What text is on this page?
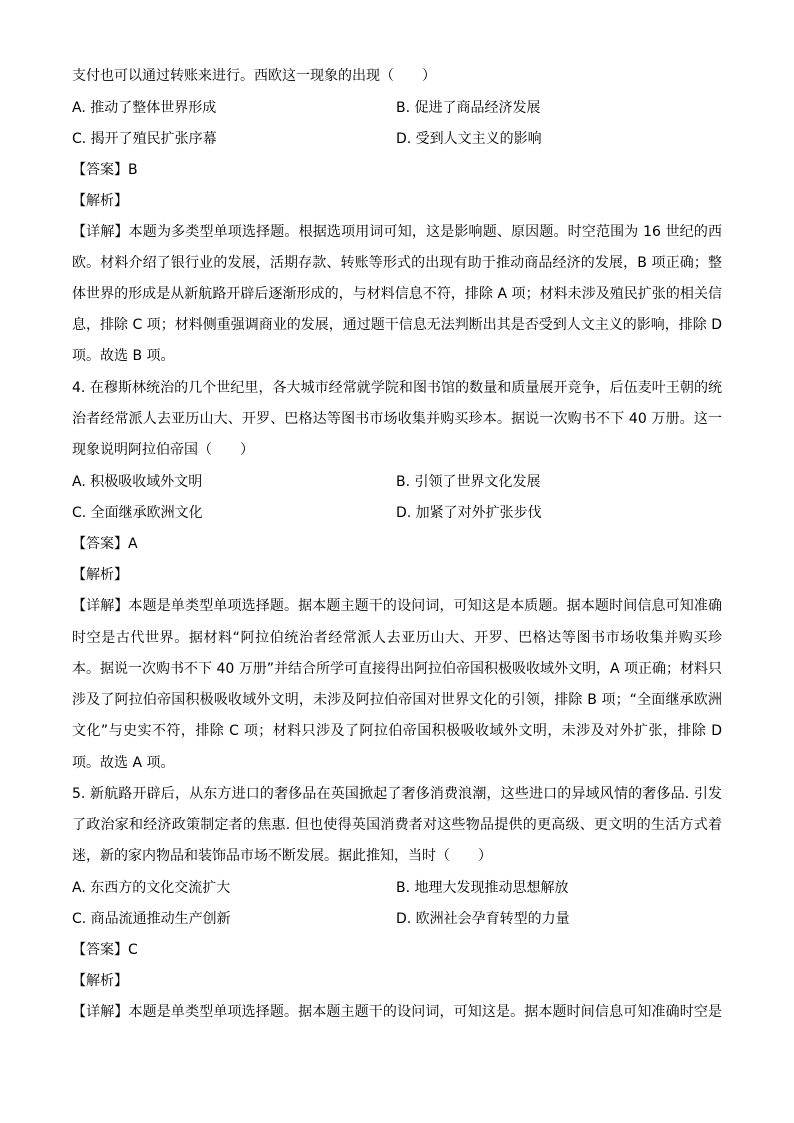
支付也可以通过转账来进行。西欧这一现象的出现（　　）
A. 推动了整体世界形成	B. 促进了商品经济发展
C. 揭开了殖民扩张序幕	D. 受到人文主义的影响
【答案】B
【解析】
【详解】本题为多类型单项选择题。根据选项用词可知，这是影响题、原因题。时空范围为 16 世纪的西
欧。材料介绍了银行业的发展，活期存款、转账等形式的出现有助于推动商品经济的发展，B 项正确；整
体世界的形成是从新航路开辟后逐渐形成的，与材料信息不符，排除 A 项；材料未涉及殖民扩张的相关信
息，排除 C 项；材料侧重强调商业的发展，通过题干信息无法判断出其是否受到人文主义的影响，排除 D
项。故选 B 项。
4. 在穆斯林统治的几个世纪里，各大城市经常就学院和图书馆的数量和质量展开竞争，后伍麦叶王朝的统
治者经常派人去亚历山大、开罗、巴格达等图书市场收集并购买珍本。据说一次购书不下 40 万册。这一
现象说明阿拉伯帝国（　　）
A. 积极吸收域外文明	B. 引领了世界文化发展
C. 全面继承欧洲文化	D. 加紧了对外扩张步伐
【答案】A
【解析】
【详解】本题是单类型单项选择题。据本题主题干的设问词，可知这是本质题。据本题时间信息可知准确
时空是古代世界。据材料“阿拉伯统治者经常派人去亚历山大、开罗、巴格达等图书市场收集并购买珍
本。据说一次购书不下 40 万册”并结合所学可直接得出阿拉伯帝国积极吸收域外文明，A 项正确；材料只
涉及了阿拉伯帝国积极吸收域外文明，未涉及阿拉伯帝国对世界文化的引领，排除 B 项；“全面继承欧洲
文化”与史实不符，排除 C 项；材料只涉及了阿拉伯帝国积极吸收域外文明，未涉及对外扩张，排除 D
项。故选 A 项。
5. 新航路开辟后，从东方进口的奢侈品在英国掀起了奢侈消费浪潮，这些进口的异域风情的奢侈品. 引发
了政治家和经济政策制定者的焦惠. 但也使得英国消费者对这些物品提供的更高级、更文明的生活方式着
迷，新的家内物品和装饰品市场不断发展。据此推知，当时（　　）
A. 东西方的文化交流扩大	B. 地理大发现推动思想解放
C. 商品流通推动生产创新	D. 欧洲社会孕育转型的力量
【答案】C
【解析】
【详解】本题是单类型单项选择题。据本题主题干的设问词，可知这是。据本题时间信息可知准确时空是
